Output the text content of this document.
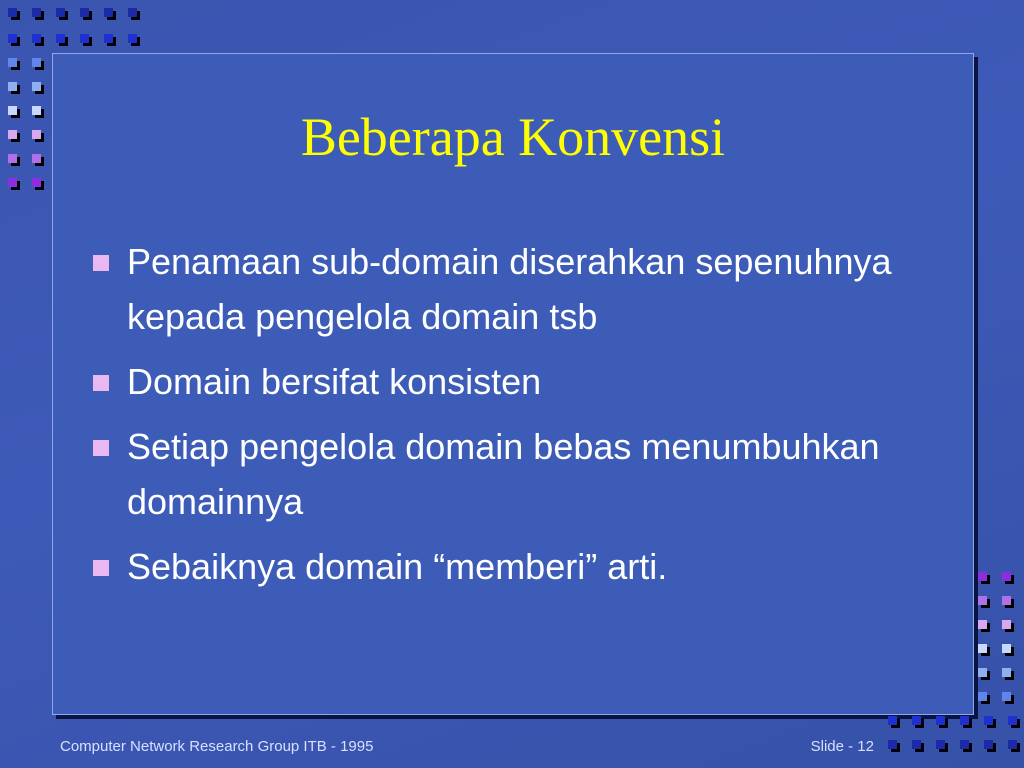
Beberapa Konvensi
Penamaan sub-domain diserahkan sepenuhnya kepada pengelola domain tsb
Domain bersifat konsisten
Setiap pengelola domain bebas menumbuhkan domainnya
Sebaiknya domain “memberi” arti.
Computer Network Research Group ITB - 1995	Slide - 12
